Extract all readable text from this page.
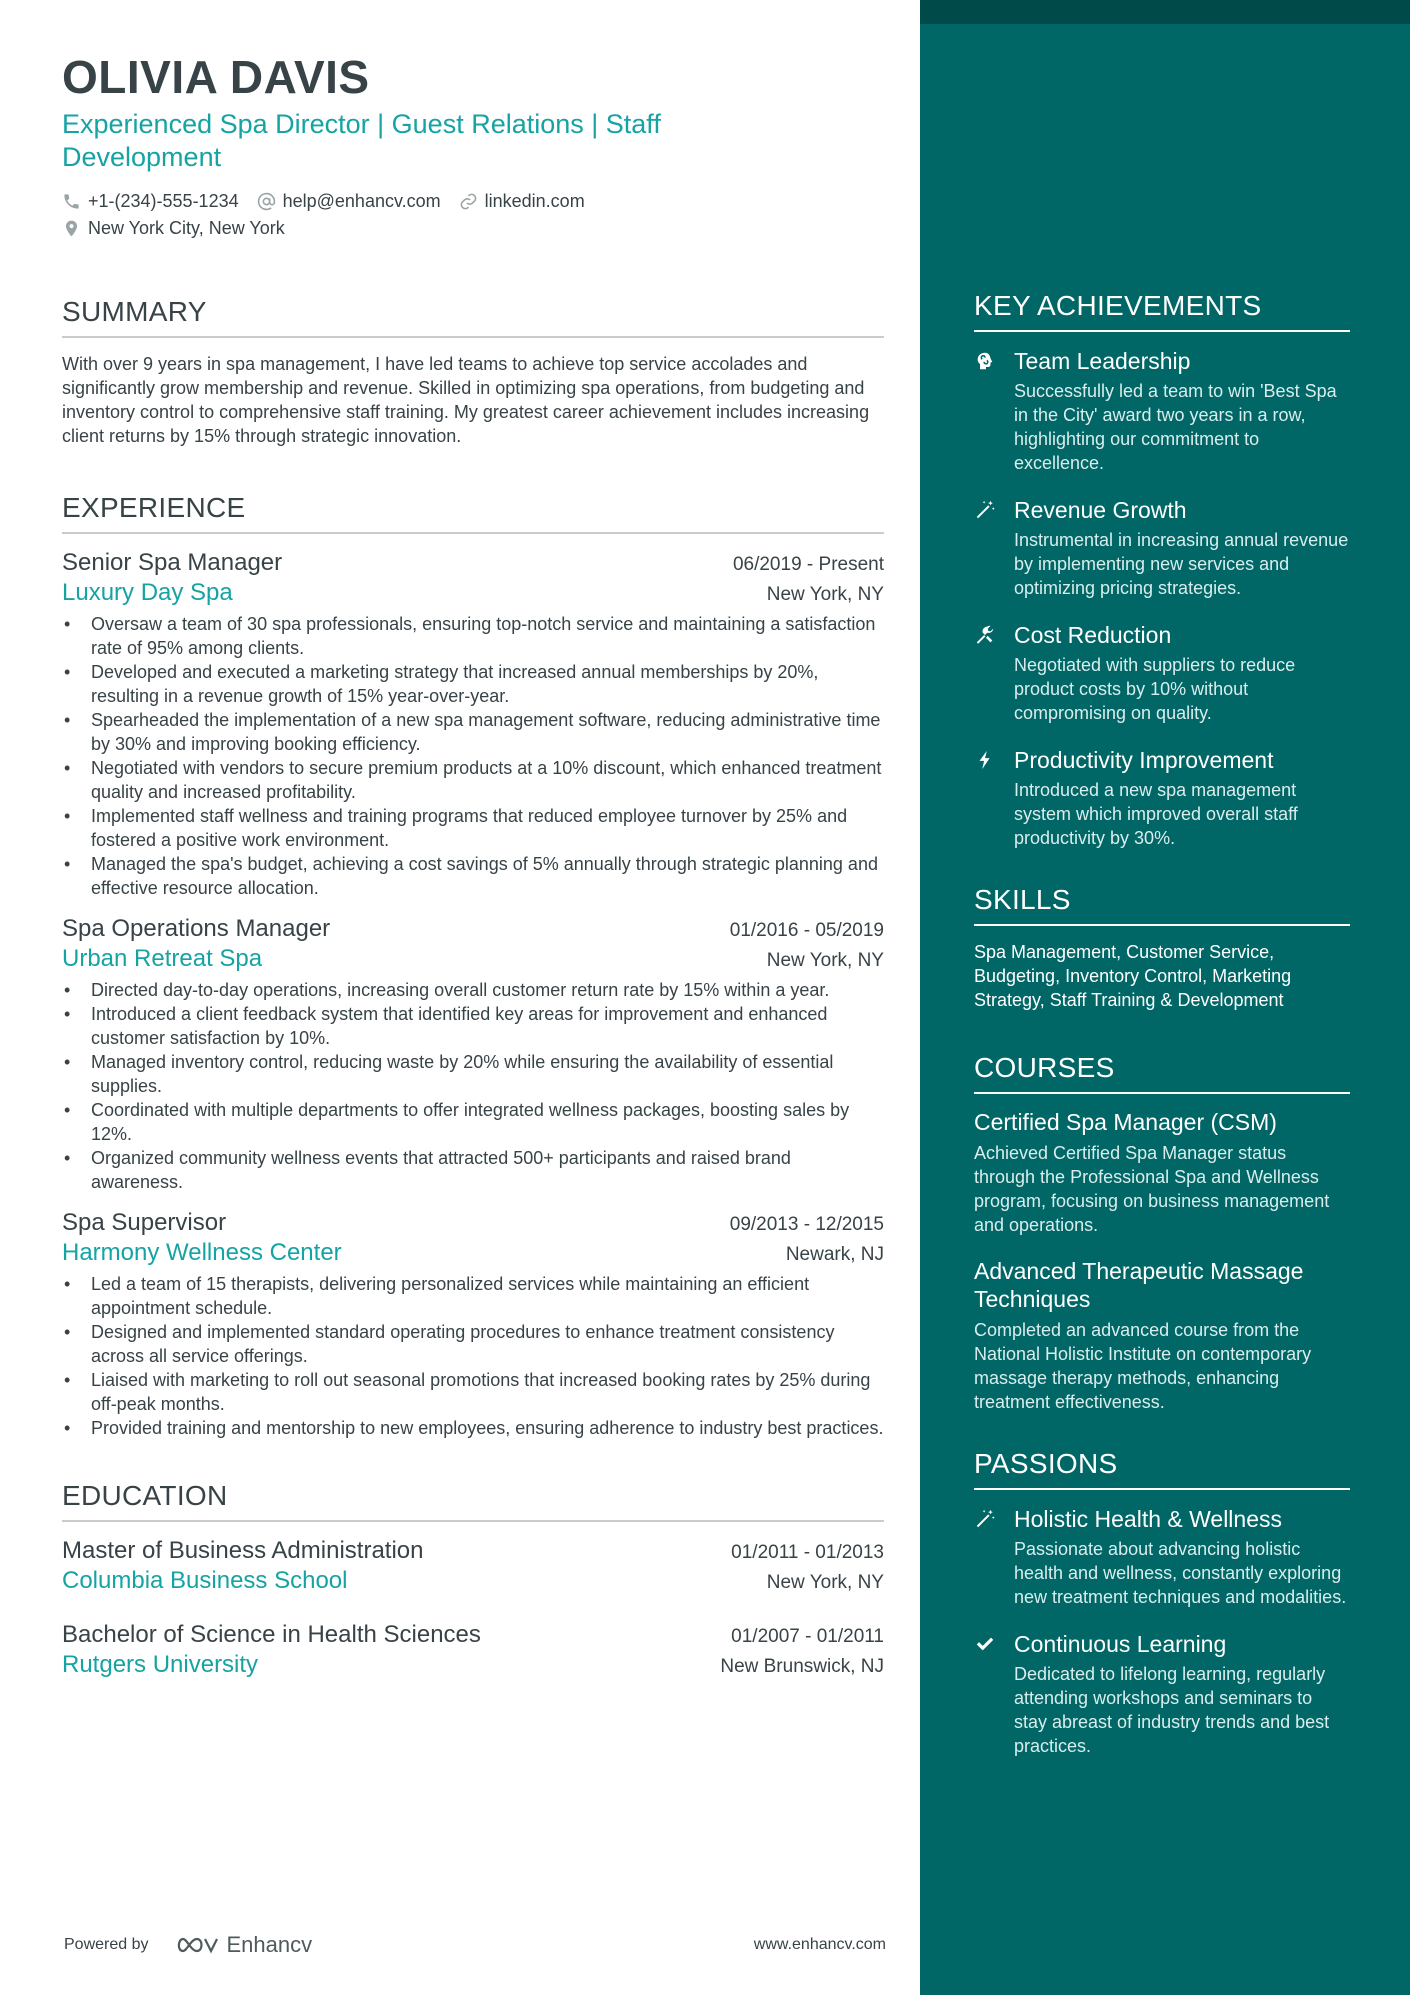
OLIVIA DAVIS
Experienced Spa Director | Guest Relations | Staff Development
+1-(234)-555-1234 help@enhancv.com linkedin.com
New York City, New York
SUMMARY
With over 9 years in spa management, I have led teams to achieve top service accolades and significantly grow membership and revenue. Skilled in optimizing spa operations, from budgeting and inventory control to comprehensive staff training. My greatest career achievement includes increasing client returns by 15% through strategic innovation.
EXPERIENCE
Senior Spa Manager	06/2019 - Present
Luxury Day Spa	New York, NY
• Oversaw a team of 30 spa professionals, ensuring top-notch service and maintaining a satisfaction rate of 95% among clients.
• Developed and executed a marketing strategy that increased annual memberships by 20%, resulting in a revenue growth of 15% year-over-year.
• Spearheaded the implementation of a new spa management software, reducing administrative time by 30% and improving booking efficiency.
• Negotiated with vendors to secure premium products at a 10% discount, which enhanced treatment quality and increased profitability.
• Implemented staff wellness and training programs that reduced employee turnover by 25% and fostered a positive work environment.
• Managed the spa's budget, achieving a cost savings of 5% annually through strategic planning and effective resource allocation.
Spa Operations Manager	01/2016 - 05/2019
Urban Retreat Spa	New York, NY
• Directed day-to-day operations, increasing overall customer return rate by 15% within a year.
• Introduced a client feedback system that identified key areas for improvement and enhanced customer satisfaction by 10%.
• Managed inventory control, reducing waste by 20% while ensuring the availability of essential supplies.
• Coordinated with multiple departments to offer integrated wellness packages, boosting sales by 12%.
• Organized community wellness events that attracted 500+ participants and raised brand awareness.
Spa Supervisor	09/2013 - 12/2015
Harmony Wellness Center	Newark, NJ
• Led a team of 15 therapists, delivering personalized services while maintaining an efficient appointment schedule.
• Designed and implemented standard operating procedures to enhance treatment consistency across all service offerings.
• Liaised with marketing to roll out seasonal promotions that increased booking rates by 25% during off-peak months.
• Provided training and mentorship to new employees, ensuring adherence to industry best practices.
EDUCATION
Master of Business Administration	01/2011 - 01/2013
Columbia Business School	New York, NY
Bachelor of Science in Health Sciences	01/2007 - 01/2011
Rutgers University	New Brunswick, NJ
KEY ACHIEVEMENTS
Team Leadership
Successfully led a team to win 'Best Spa in the City' award two years in a row, highlighting our commitment to excellence.
Revenue Growth
Instrumental in increasing annual revenue by implementing new services and optimizing pricing strategies.
Cost Reduction
Negotiated with suppliers to reduce product costs by 10% without compromising on quality.
Productivity Improvement
Introduced a new spa management system which improved overall staff productivity by 30%.
SKILLS
Spa Management, Customer Service, Budgeting, Inventory Control, Marketing Strategy, Staff Training & Development
COURSES
Certified Spa Manager (CSM)
Achieved Certified Spa Manager status through the Professional Spa and Wellness program, focusing on business management and operations.
Advanced Therapeutic Massage Techniques
Completed an advanced course from the National Holistic Institute on contemporary massage therapy methods, enhancing treatment effectiveness.
PASSIONS
Holistic Health & Wellness
Passionate about advancing holistic health and wellness, constantly exploring new treatment techniques and modalities.
Continuous Learning
Dedicated to lifelong learning, regularly attending workshops and seminars to stay abreast of industry trends and best practices.
Powered by	Enhancv	www.enhancv.com
